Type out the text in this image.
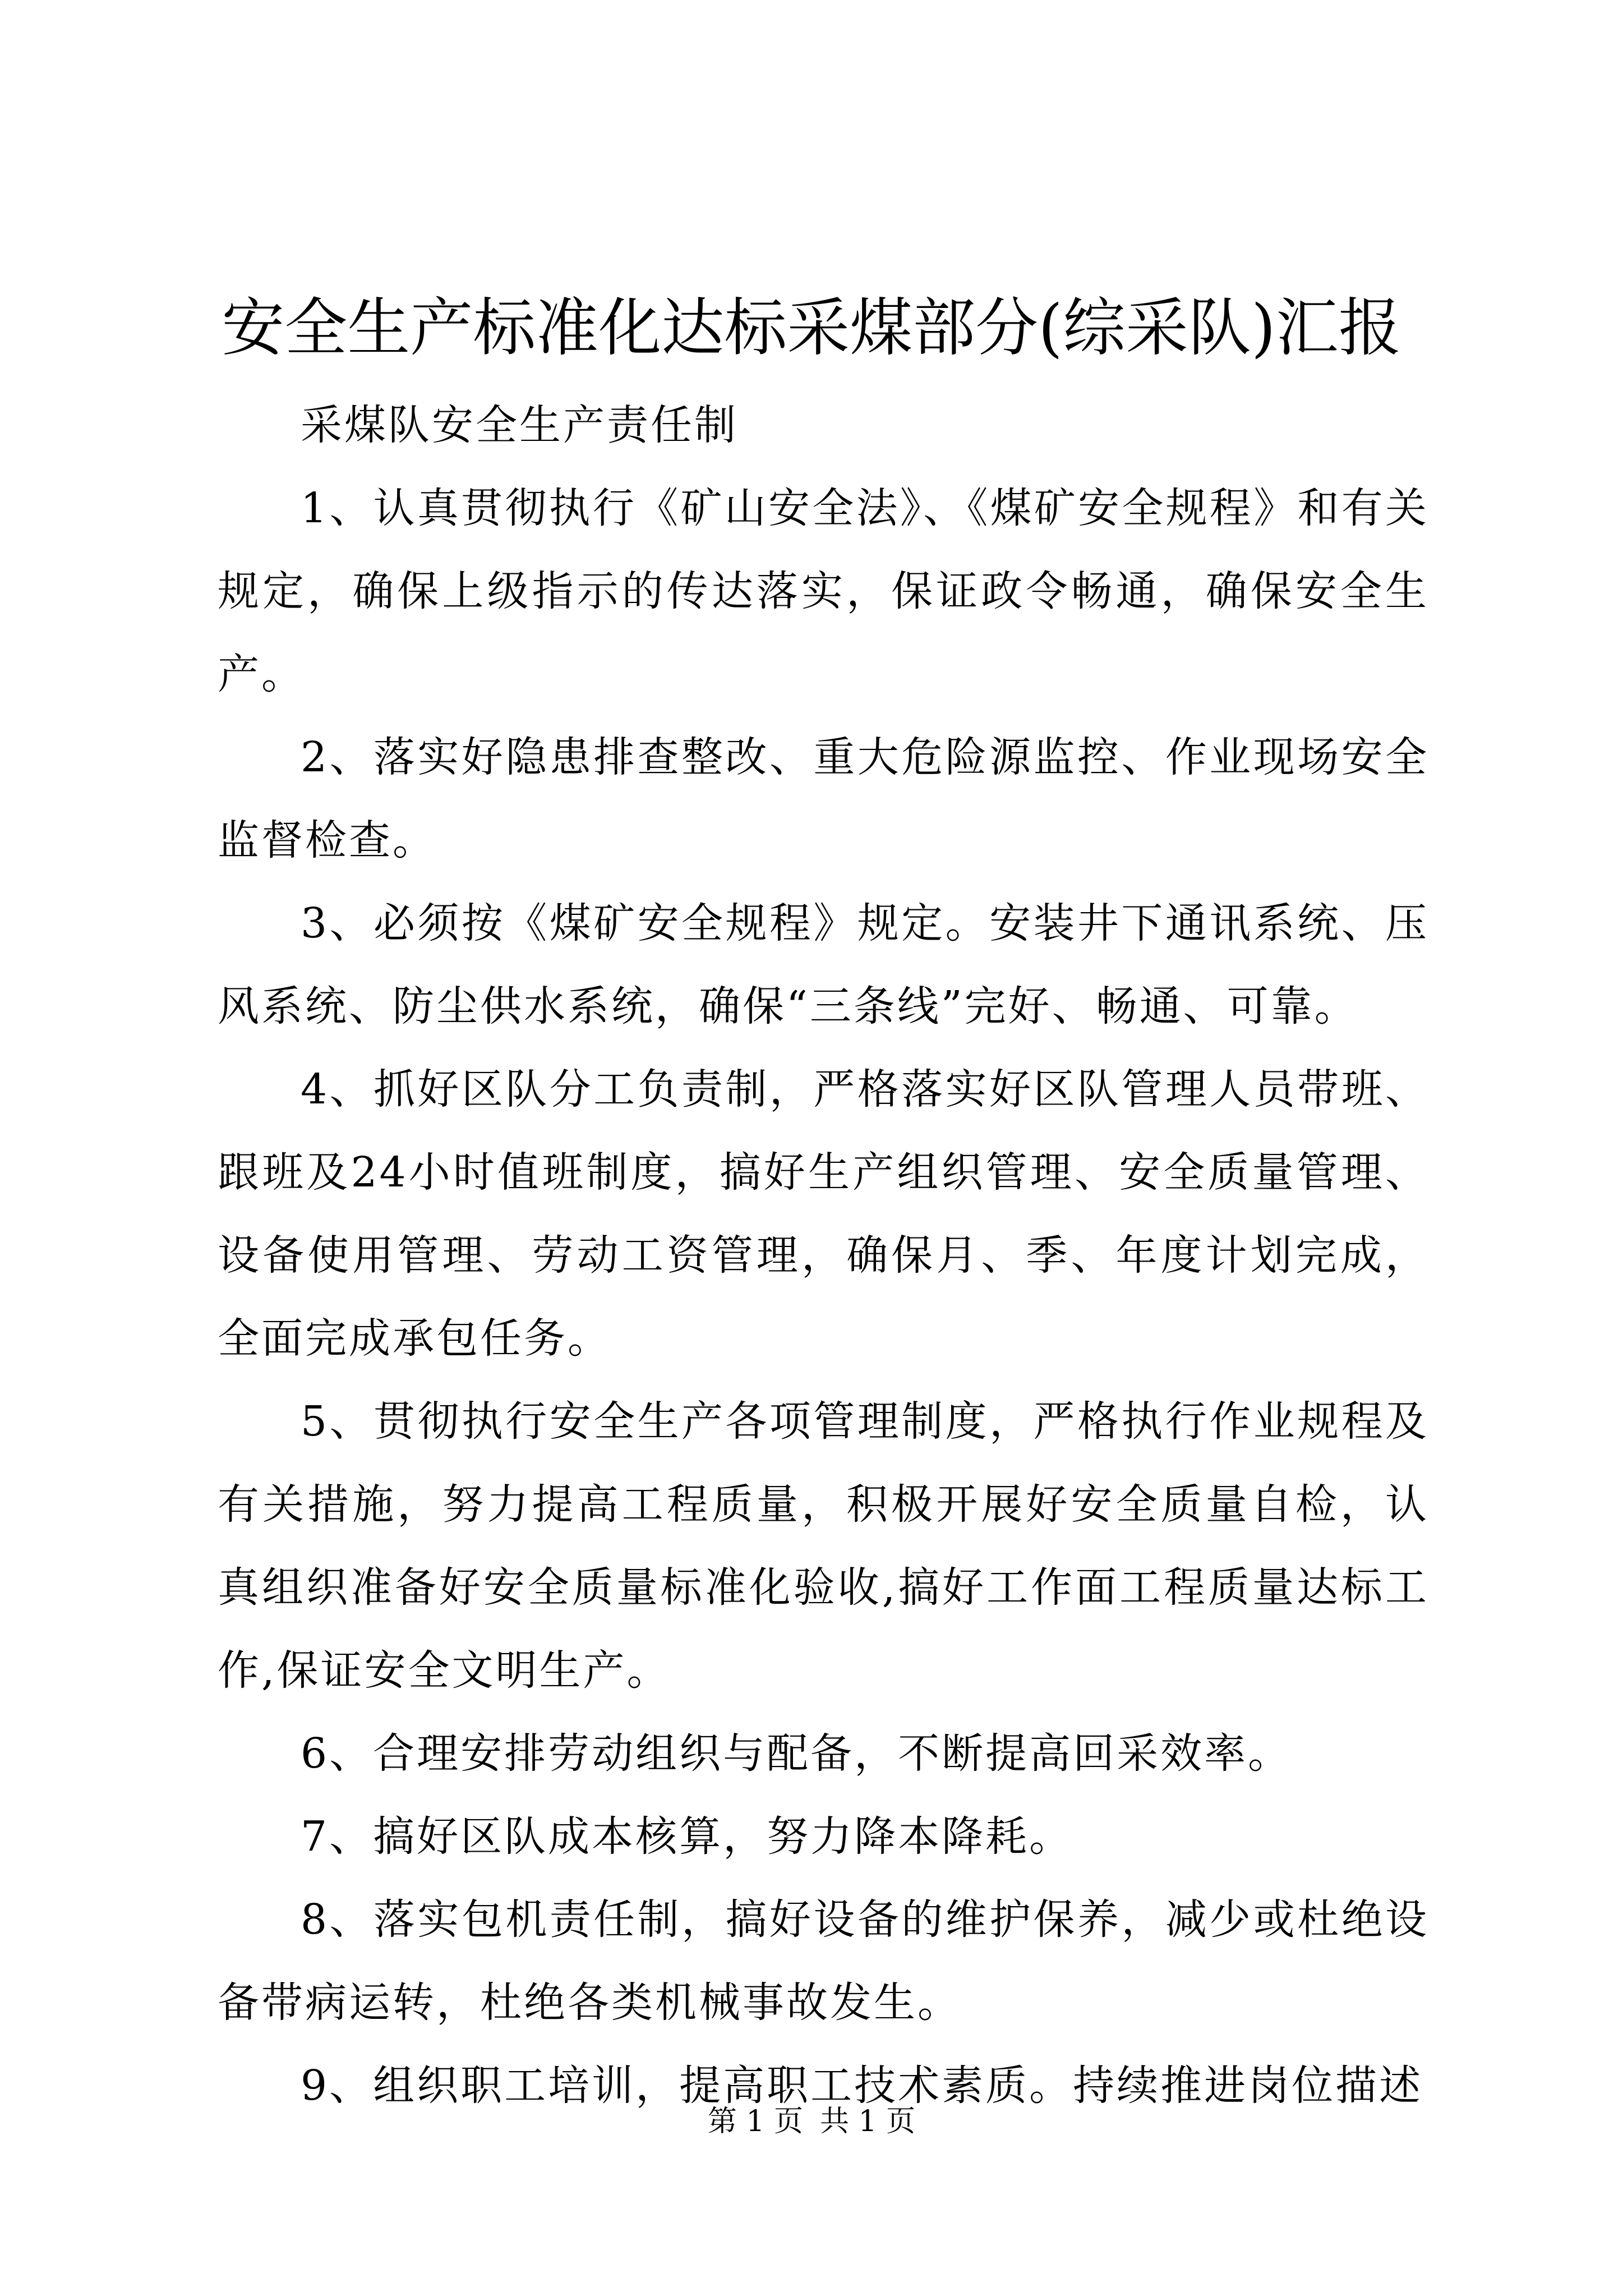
安全生产标准化达标采煤部分(综采队)汇报

采煤队安全生产责任制

1、认真贯彻执行《矿山安全法》、《煤矿安全规程》和有关规定，确保上级指示的传达落实，保证政令畅通，确保安全生产。

2、落实好隐患排查整改、重大危险源监控、作业现场安全监督检查。

3、必须按《煤矿安全规程》规定。安装井下通讯系统、压风系统、防尘供水系统，确保“三条线”完好、畅通、可靠。

4、抓好区队分工负责制，严格落实好区队管理人员带班、跟班及24小时值班制度，搞好生产组织管理、安全质量管理、设备使用管理、劳动工资管理，确保月、季、年度计划完成，全面完成承包任务。

5、贯彻执行安全生产各项管理制度，严格执行作业规程及有关措施，努力提高工程质量，积极开展好安全质量自检，认真组织准备好安全质量标准化验收,搞好工作面工程质量达标工作,保证安全文明生产。

6、合理安排劳动组织与配备，不断提高回采效率。

7、搞好区队成本核算，努力降本降耗。

8、落实包机责任制，搞好设备的维护保养，减少或杜绝设备带病运转，杜绝各类机械事故发生。

9、组织职工培训，提高职工技术素质。持续推进岗位描述

第 1 页 共 1 页
